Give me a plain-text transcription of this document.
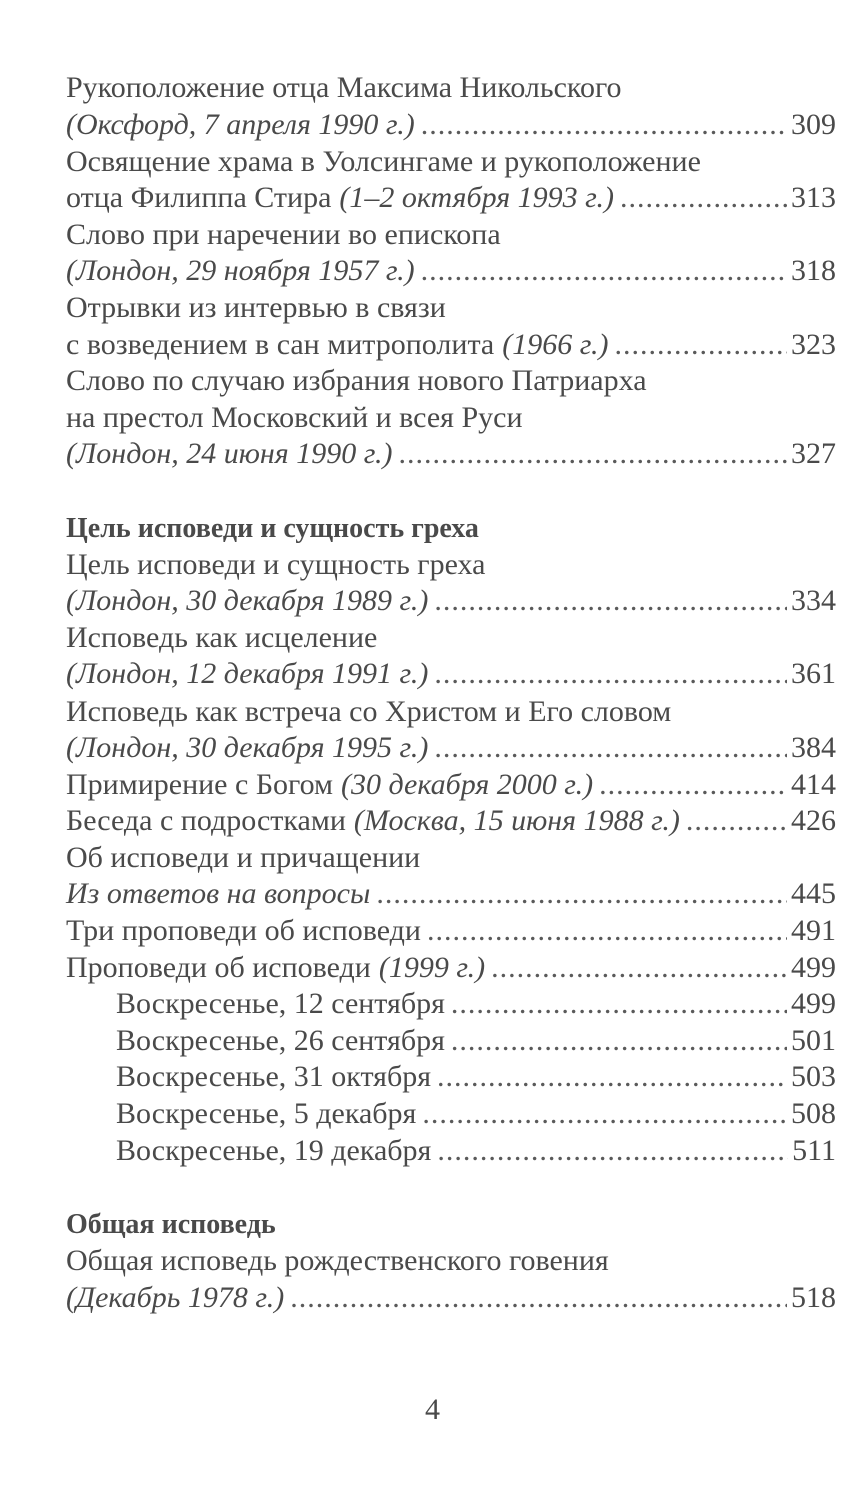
Рукоположение отца Максима Никольского
(Оксфорд, 7 апреля 1990 г.) .....	309
Освящение храма в Уолсингаме и рукоположение
отца Филиппа Стира (1–2 октября 1993 г.) .....	313
Слово при наречении во епископа
(Лондон, 29 ноября 1957 г.) .....	318
Отрывки из интервью в связи
с возведением в сан митрополита (1966 г.) .....	323
Слово по случаю избрания нового Патриарха
на престол Московский и всея Руси
(Лондон, 24 июня 1990 г.) .....	327
Цель исповеди и сущность греха
Цель исповеди и сущность греха
(Лондон, 30 декабря 1989 г.) .....	334
Исповедь как исцеление
(Лондон, 12 декабря 1991 г.) .....	361
Исповедь как встреча со Христом и Его словом
(Лондон, 30 декабря 1995 г.) .....	384
Примирение с Богом (30 декабря 2000 г.) .....	414
Беседа с подростками (Москва, 15 июня 1988 г.) .....	426
Об исповеди и причащении
Из ответов на вопросы .....	445
Три проповеди об исповеди .....	491
Проповеди об исповеди (1999 г.) .....	499
Воскресенье, 12 сентября .....	499
Воскресенье, 26 сентября .....	501
Воскресенье, 31 октября .....	503
Воскресенье, 5 декабря .....	508
Воскресенье, 19 декабря .....	511
Общая исповедь
Общая исповедь рождественского говения
(Декабрь 1978 г.) .....	518
4
